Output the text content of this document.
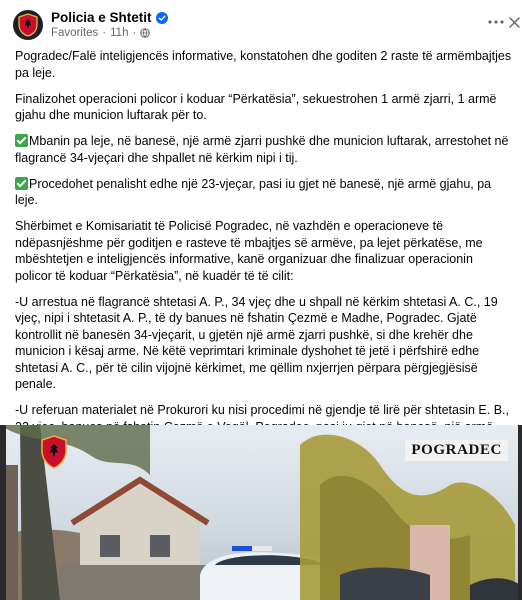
Policia e Shtetit
Favorites · 11h ·

Pogradec/Falë inteligjencës informative, konstatohen dhe goditen 2 raste të armëmbajtjes pa leje.

Finalizohet operacioni policor i koduar “Përkatësia”, sekuestrohen 1 armë zjarri, 1 armë gjahu dhe municion luftarak për to.

Mbanin pa leje, në banesë, një armë zjarri pushkë dhe municion luftarak, arrestohet në flagrancë 34-vjeçari dhe shpallet në kërkim nipi i tij.

Procedohet penalisht edhe një 23-vjeçar, pasi iu gjet në banesë, një armë gjahu, pa leje.

Shërbimet e Komisariatit të Policisë Pogradec, në vazhdën e operacioneve të ndëpasnjëshme për goditjen e rasteve të mbajtjes së armëve, pa lejet përkatëse, me mbështetjen e inteligjencës informative, kanë organizuar dhe finalizuar operacionin policor të koduar “Përkatësia”, në kuadër të të cilit:

-U arrestua në flagrancë shtetasi A. P., 34 vjeç dhe u shpall në kërkim shtetasi A. C., 19 vjeç, nipi i shtetasit A. P., të dy banues në fshatin Çezmë e Madhe, Pogradec. Gjatë kontrollit në banesën 34-vjeçarit, u gjetën një armë zjarri pushkë, si dhe krehër dhe municion i kësaj arme. Në këtë veprimtari kriminale dyshohet të jetë i përfshirë edhe shtetasi A. C., për të cilin vijojnë kërkimet, me qëllim nxjerrjen përpara përgjegjësisë penale.

-U referuan materialet në Prokurori ku nisi procedimi në gjendje të lirë për shtetasin E. B.,

POGRADEC
